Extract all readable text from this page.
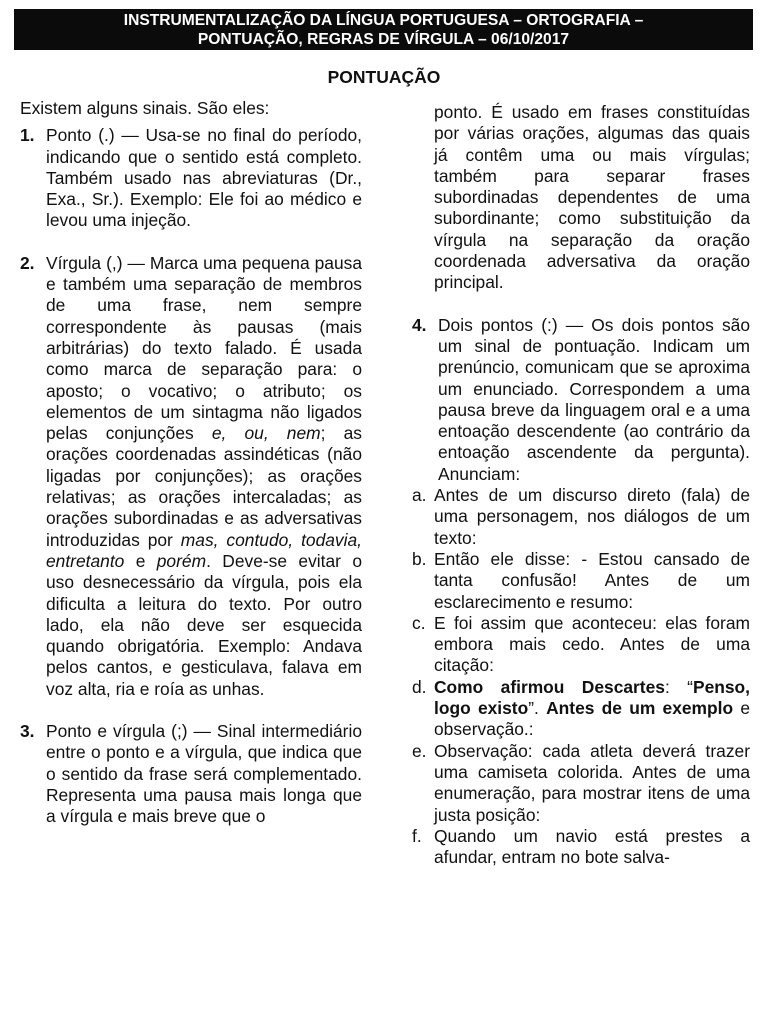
INSTRUMENTALIZAÇÃO DA LÍNGUA PORTUGUESA – ORTOGRAFIA –
PONTUAÇÃO, REGRAS DE VÍRGULA – 06/10/2017
PONTUAÇÃO

Existem alguns sinais. São eles:

1. Ponto (.) — Usa-se no final do período, indicando que o sentido está completo. Também usado nas abreviaturas (Dr., Exa., Sr.). Exemplo: Ele foi ao médico e levou uma injeção.
2. Vírgula (,) — Marca uma pequena pausa e também uma separação de membros de uma frase, nem sempre correspondente às pausas (mais arbitrárias) do texto falado. É usada como marca de separação para: o aposto; o vocativo; o atributo; os elementos de um sintagma não ligados pelas conjunções e, ou, nem; as orações coordenadas assindéticas (não ligadas por conjunções); as orações relativas; as orações intercaladas; as orações subordinadas e as adversativas introduzidas por mas, contudo, todavia, entretanto e porém. Deve-se evitar o uso desnecessário da vírgula, pois ela dificulta a leitura do texto. Por outro lado, ela não deve ser esquecida quando obrigatória. Exemplo: Andava pelos cantos, e gesticulava, falava em voz alta, ria e roía as unhas.
3. Ponto e vírgula (;) — Sinal intermediário entre o ponto e a vírgula, que indica que o sentido da frase será complementado. Representa uma pausa mais longa que a vírgula e mais breve que o
ponto. É usado em frases constituídas por várias orações, algumas das quais já contêm uma ou mais vírgulas; também para separar frases subordinadas dependentes de uma subordinante; como substituição da vírgula na separação da oração coordenada adversativa da oração principal.
4. Dois pontos (:) — Os dois pontos são um sinal de pontuação. Indicam um prenúncio, comunicam que se aproxima um enunciado. Correspondem a uma pausa breve da linguagem oral e a uma entoação descendente (ao contrário da entoação ascendente da pergunta). Anunciam:
a. Antes de um discurso direto (fala) de uma personagem, nos diálogos de um texto:
b. Então ele disse: - Estou cansado de tanta confusão! Antes de um esclarecimento e resumo:
c. E foi assim que aconteceu: elas foram embora mais cedo. Antes de uma citação:
d. Como afirmou Descartes: “Penso, logo existo”. Antes de um exemplo e observação.:
e. Observação: cada atleta deverá trazer uma camiseta colorida. Antes de uma enumeração, para mostrar itens de uma justa posição:
f. Quando um navio está prestes a afundar, entram no bote salva-
